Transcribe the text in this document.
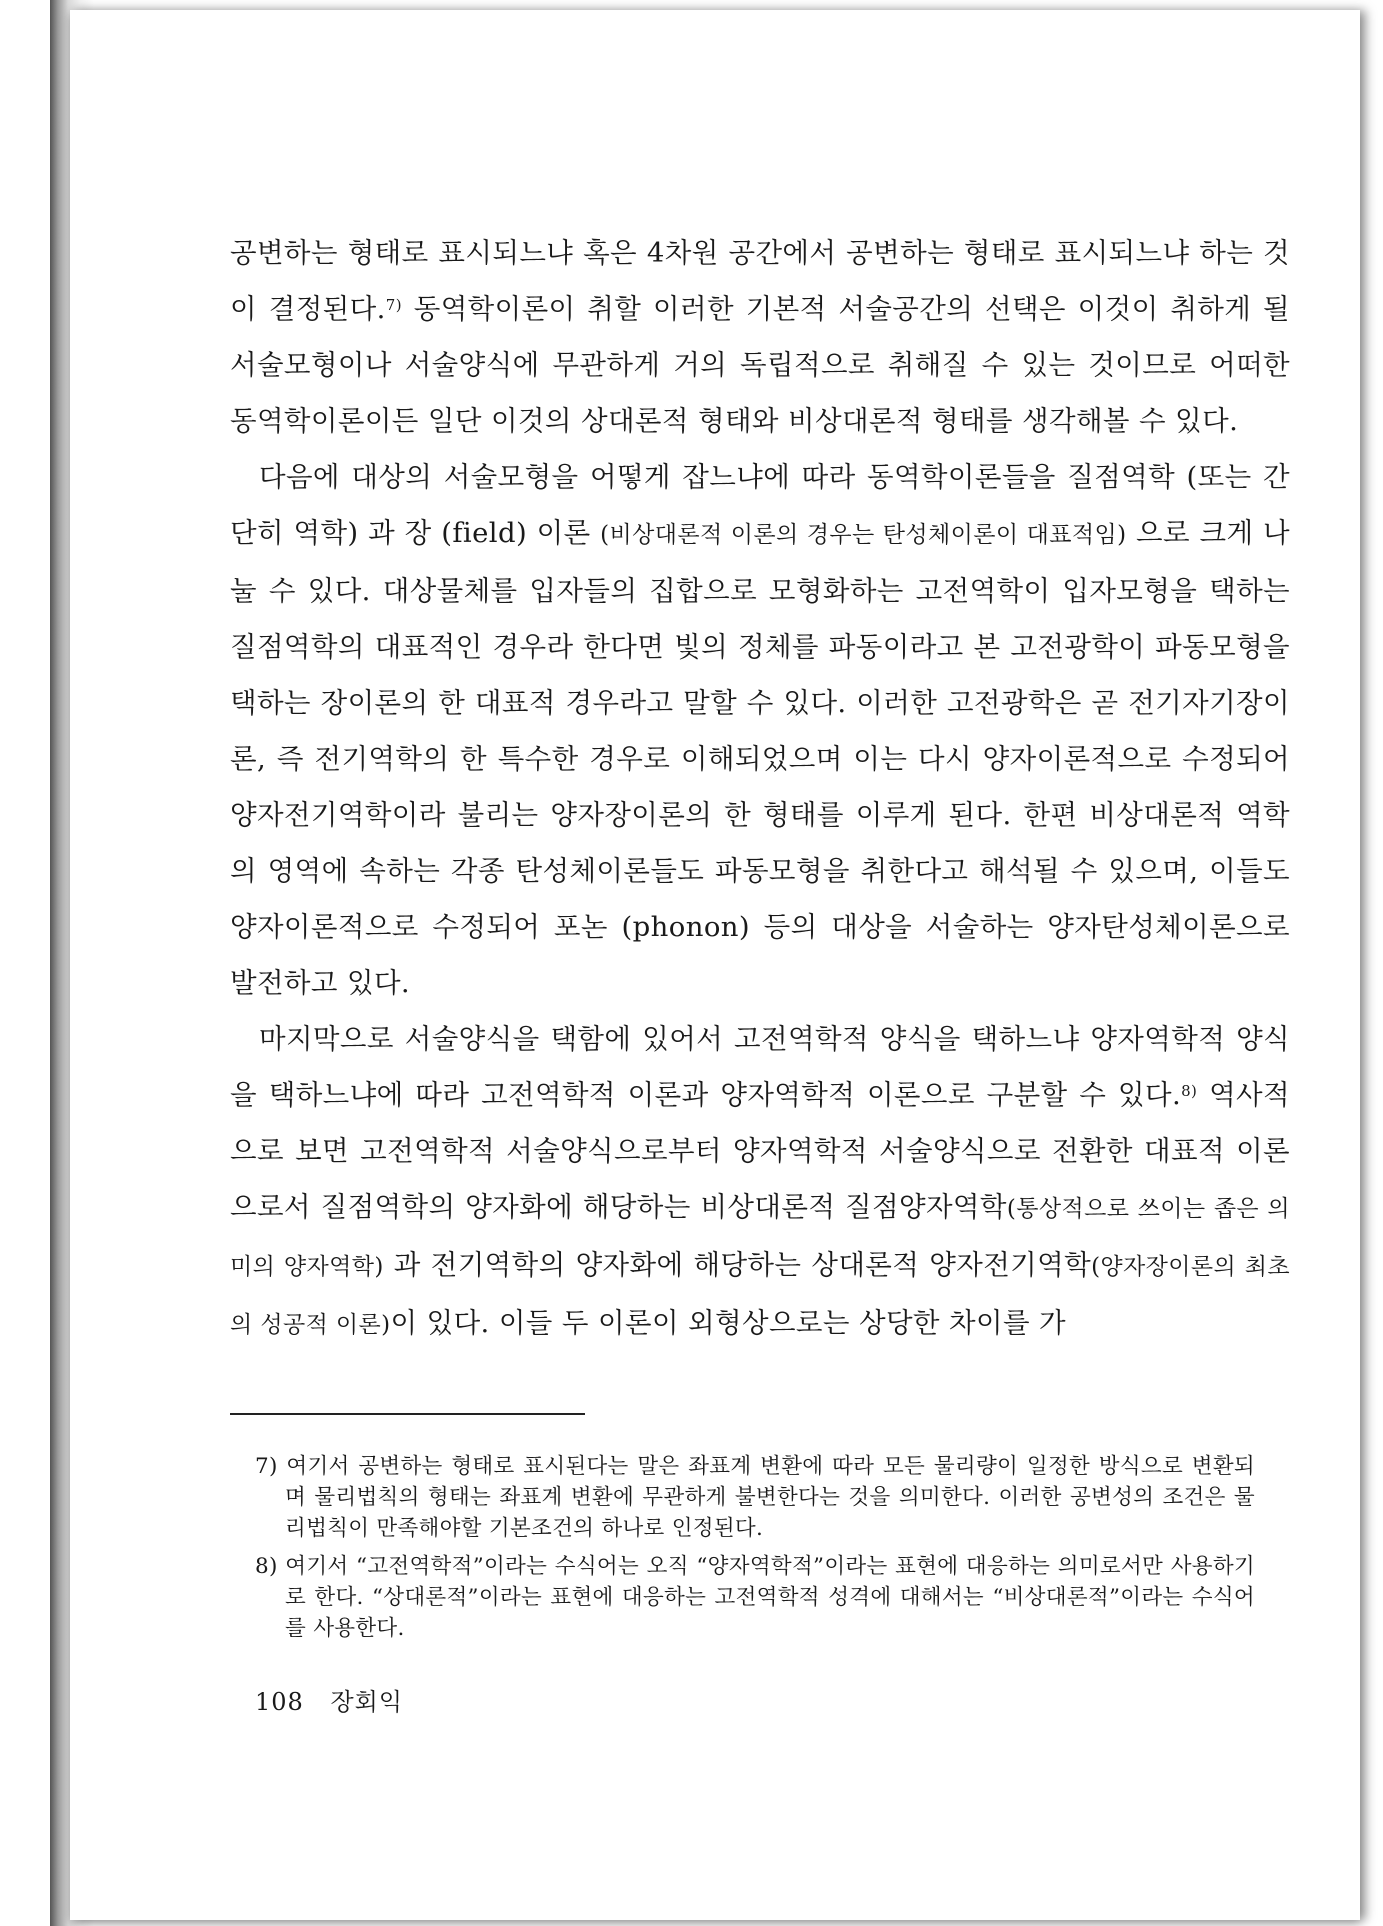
공변하는 형태로 표시되느냐 혹은 4차원 공간에서 공변하는 형태로 표시되느냐 하는 것이 결정된다.$^{7)}$ 동역학이론이 취할 이러한 기본적 서술공간의 선택은 이것이 취하게 될 서술모형이나 서술양식에 무관하게 거의 독립적으로 취해질 수 있는 것이므로 어떠한 동역학이론이든 일단 이것의 상대론적 형태와 비상대론적 형태를 생각해볼 수 있다.

다음에 대상의 서술모형을 어떻게 잡느냐에 따라 동역학이론들을 질점역학 (또는 간단히 역학) 과 장 (field) 이론 (비상대론적 이론의 경우는 탄성체이론이 대표적임) 으로 크게 나눌 수 있다. 대상물체를 입자들의 집합으로 모형화하는 고전역학이 입자모형을 택하는 질점역학의 대표적인 경우라 한다면 빛의 정체를 파동이라고 본 고전광학이 파동모형을 택하는 장이론의 한 대표적 경우라고 말할 수 있다. 이러한 고전광학은 곧 전기자기장이론, 즉 전기역학의 한 특수한 경우로 이해되었으며 이는 다시 양자이론적으로 수정되어 양자전기역학이라 불리는 양자장이론의 한 형태를 이루게 된다. 한편 비상대론적 역학의 영역에 속하는 각종 탄성체이론들도 파동모형을 취한다고 해석될 수 있으며, 이들도 양자이론적으로 수정되어 포논 (phonon) 등의 대상을 서술하는 양자탄성체이론으로 발전하고 있다.

마지막으로 서술양식을 택함에 있어서 고전역학적 양식을 택하느냐 양자역학적 양식을 택하느냐에 따라 고전역학적 이론과 양자역학적 이론으로 구분할 수 있다.$^{8)}$ 역사적으로 보면 고전역학적 서술양식으로부터 양자역학적 서술양식으로 전환한 대표적 이론으로서 질점역학의 양자화에 해당하는 비상대론적 질점양자역학(통상적으로 쓰이는 좁은 의미의 양자역학) 과 전기역학의 양자화에 해당하는 상대론적 양자전기역학(양자장이론의 최초의 성공적 이론)이 있다. 이들 두 이론이 외형상으로는 상당한 차이를 가

7) 여기서 공변하는 형태로 표시된다는 말은 좌표계 변환에 따라 모든 물리량이 일정한 방식으로 변환되며 물리법칙의 형태는 좌표계 변환에 무관하게 불변한다는 것을 의미한다. 이러한 공변성의 조건은 물리법칙이 만족해야할 기본조건의 하나로 인정된다.

8) 여기서 “고전역학적”이라는 수식어는 오직 “양자역학적”이라는 표현에 대응하는 의미로서만 사용하기로 한다. “상대론적”이라는 표현에 대응하는 고전역학적 성격에 대해서는 “비상대론적”이라는 수식어를 사용한다.

108 장회익
